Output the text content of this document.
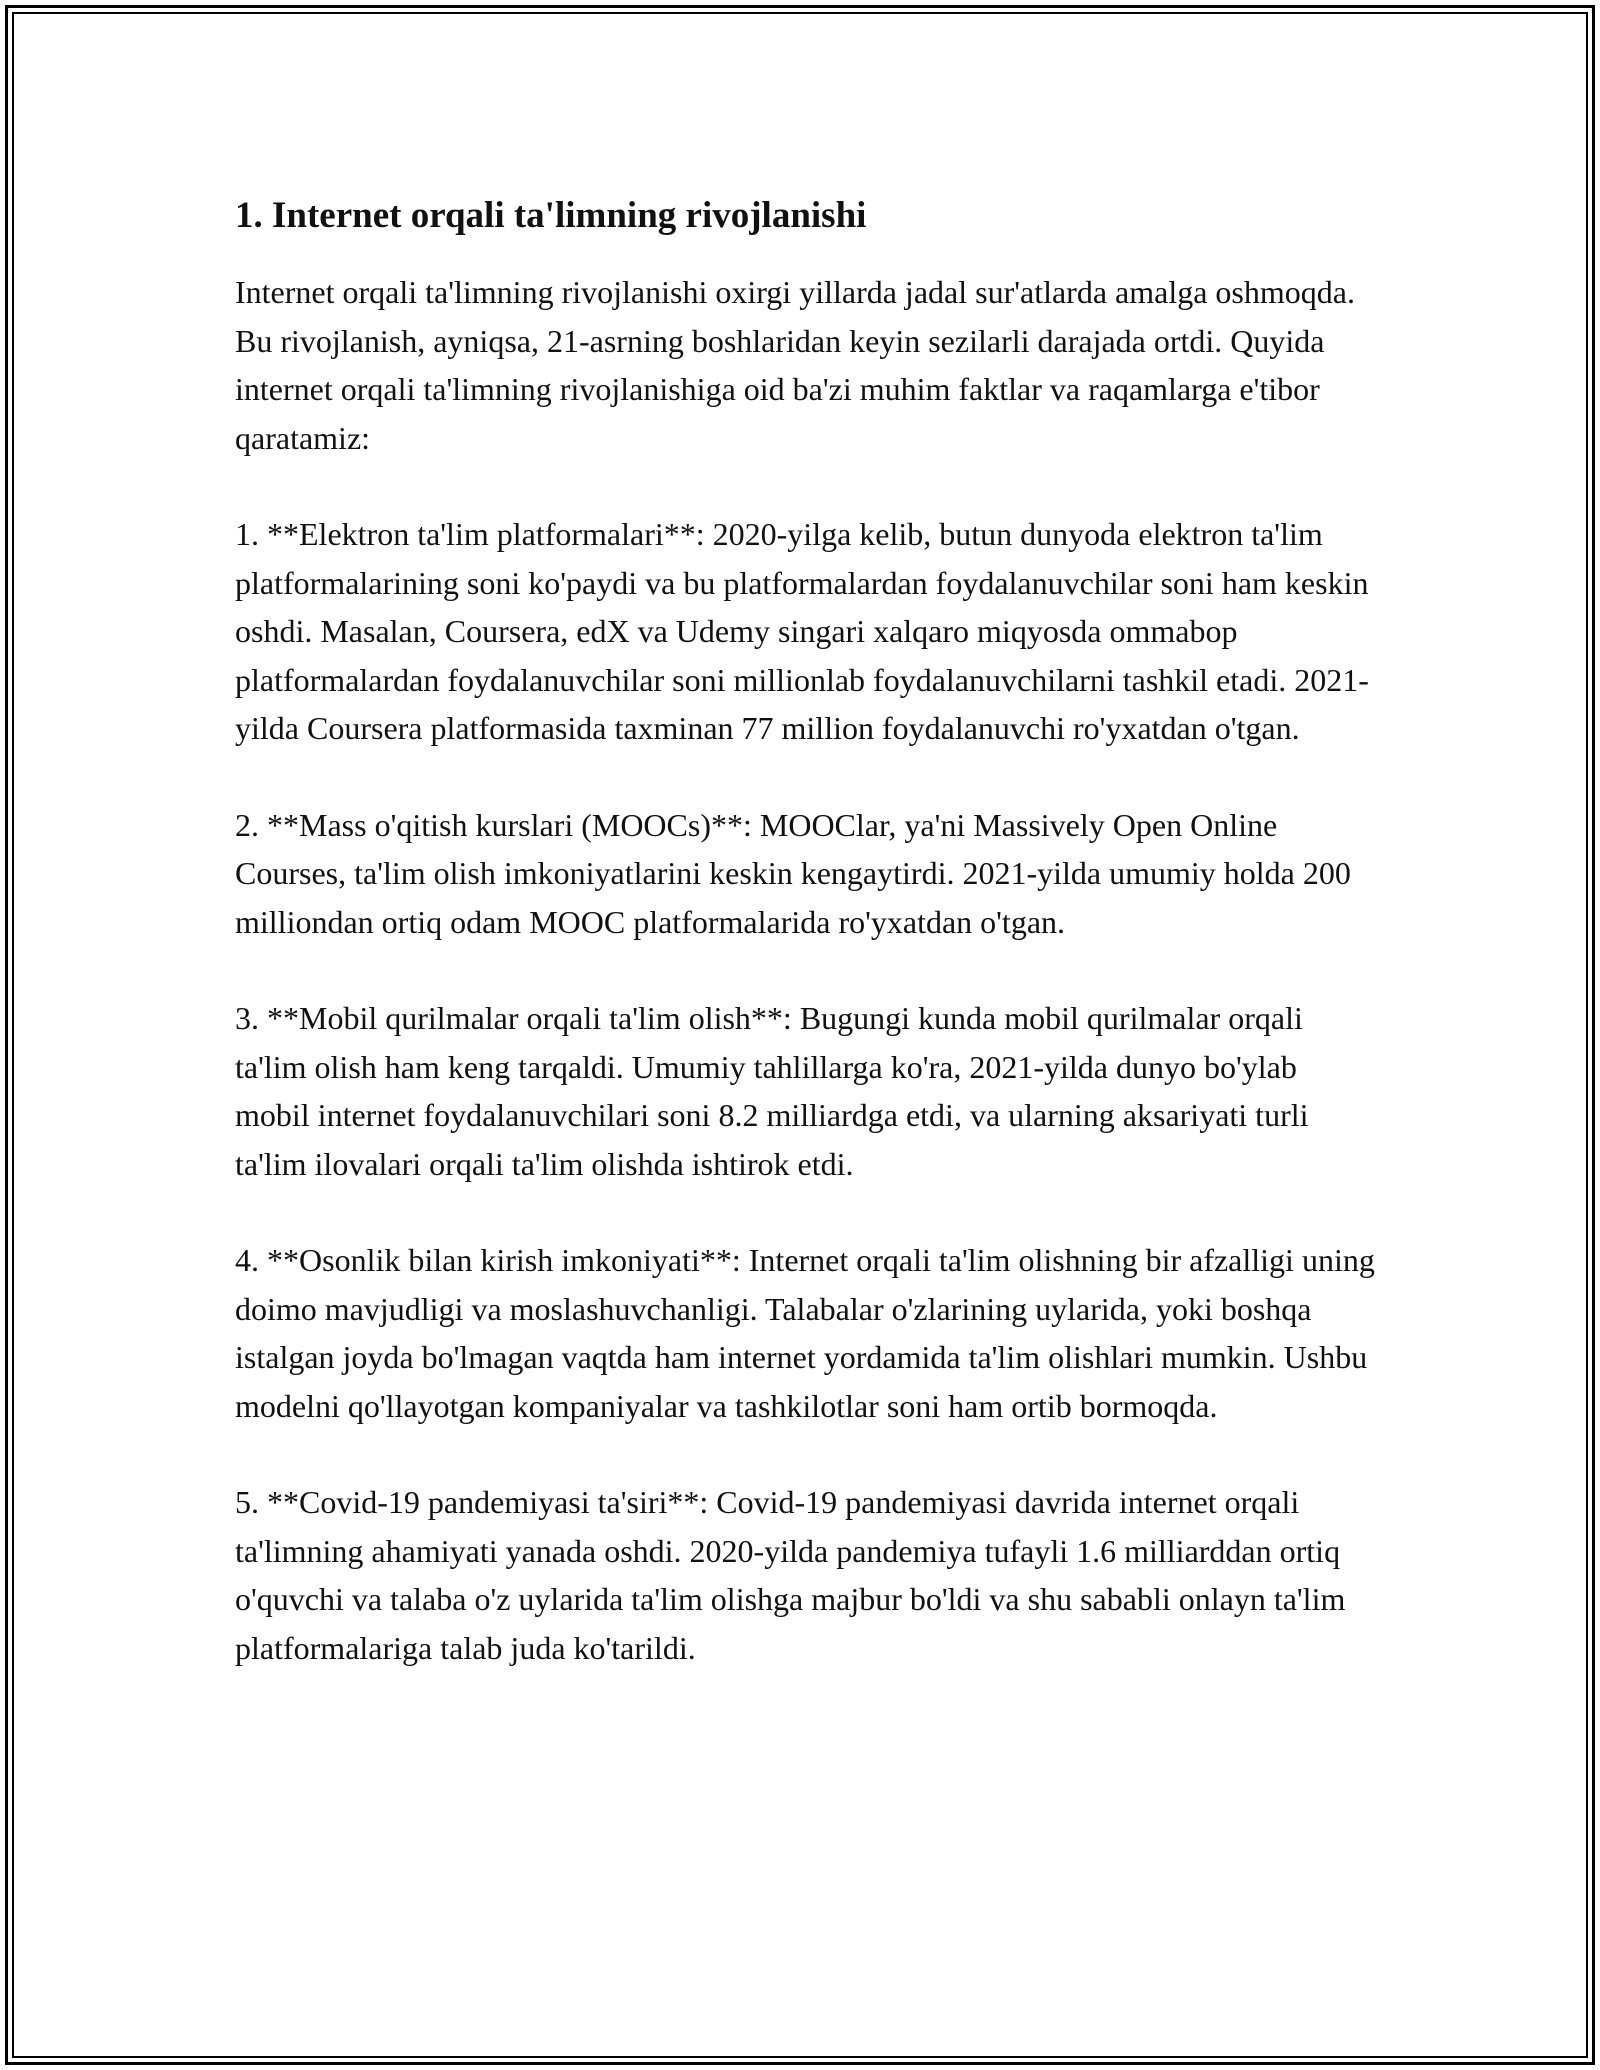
1. Internet orqali ta'limning rivojlanishi

Internet orqali ta'limning rivojlanishi oxirgi yillarda jadal sur'atlarda amalga oshmoqda. Bu rivojlanish, ayniqsa, 21-asrning boshlaridan keyin sezilarli darajada ortdi. Quyida internet orqali ta'limning rivojlanishiga oid ba'zi muhim faktlar va raqamlarga e'tibor qaratamiz:

1. **Elektron ta'lim platformalari**: 2020-yilga kelib, butun dunyoda elektron ta'lim platformalarining soni ko'paydi va bu platformalardan foydalanuvchilar soni ham keskin oshdi. Masalan, Coursera, edX va Udemy singari xalqaro miqyosda ommabop platformalardan foydalanuvchilar soni millionlab foydalanuvchilarni tashkil etadi. 2021-yilda Coursera platformasida taxminan 77 million foydalanuvchi ro'yxatdan o'tgan.

2. **Mass o'qitish kurslari (MOOCs)**: MOOClar, ya'ni Massively Open Online Courses, ta'lim olish imkoniyatlarini keskin kengaytirdi. 2021-yilda umumiy holda 200 milliondan ortiq odam MOOC platformalarida ro'yxatdan o'tgan.

3. **Mobil qurilmalar orqali ta'lim olish**: Bugungi kunda mobil qurilmalar orqali ta'lim olish ham keng tarqaldi. Umumiy tahlillarga ko'ra, 2021-yilda dunyo bo'ylab mobil internet foydalanuvchilari soni 8.2 milliardga etdi, va ularning aksariyati turli ta'lim ilovalari orqali ta'lim olishda ishtirok etdi.

4. **Osonlik bilan kirish imkoniyati**: Internet orqali ta'lim olishning bir afzalligi uning doimo mavjudligi va moslashuvchanligi. Talabalar o'zlarining uylarida, yoki boshqa istalgan joyda bo'lmagan vaqtda ham internet yordamida ta'lim olishlari mumkin. Ushbu modelni qo'llayotgan kompaniyalar va tashkilotlar soni ham ortib bormoqda.

5. **Covid-19 pandemiyasi ta'siri**: Covid-19 pandemiyasi davrida internet orqali ta'limning ahamiyati yanada oshdi. 2020-yilda pandemiya tufayli 1.6 milliarddan ortiq o'quvchi va talaba o'z uylarida ta'lim olishga majbur bo'ldi va shu sababli onlayn ta'lim platformalariga talab juda ko'tarildi.
